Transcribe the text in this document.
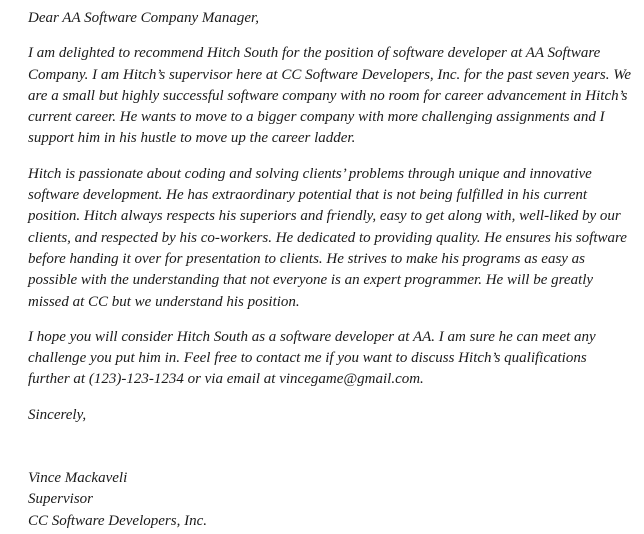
Dear AA Software Company Manager,

I am delighted to recommend Hitch South for the position of software developer at AA Software Company. I am Hitch’s supervisor here at CC Software Developers, Inc. for the past seven years. We are a small but highly successful software company with no room for career advancement in Hitch’s current career. He wants to move to a bigger company with more challenging assignments and I support him in his hustle to move up the career ladder.

Hitch is passionate about coding and solving clients’ problems through unique and innovative software development. He has extraordinary potential that is not being fulfilled in his current position. Hitch always respects his superiors and friendly, easy to get along with, well-liked by our clients, and respected by his co-workers. He dedicated to providing quality. He ensures his software before handing it over for presentation to clients. He strives to make his programs as easy as possible with the understanding that not everyone is an expert programmer. He will be greatly missed at CC but we understand his position.

I hope you will consider Hitch South as a software developer at AA. I am sure he can meet any challenge you put him in. Feel free to contact me if you want to discuss Hitch’s qualifications further at (123)-123-1234 or via email at vincegame@gmail.com.

Sincerely,

Vince Mackaveli
Supervisor
CC Software Developers, Inc.
